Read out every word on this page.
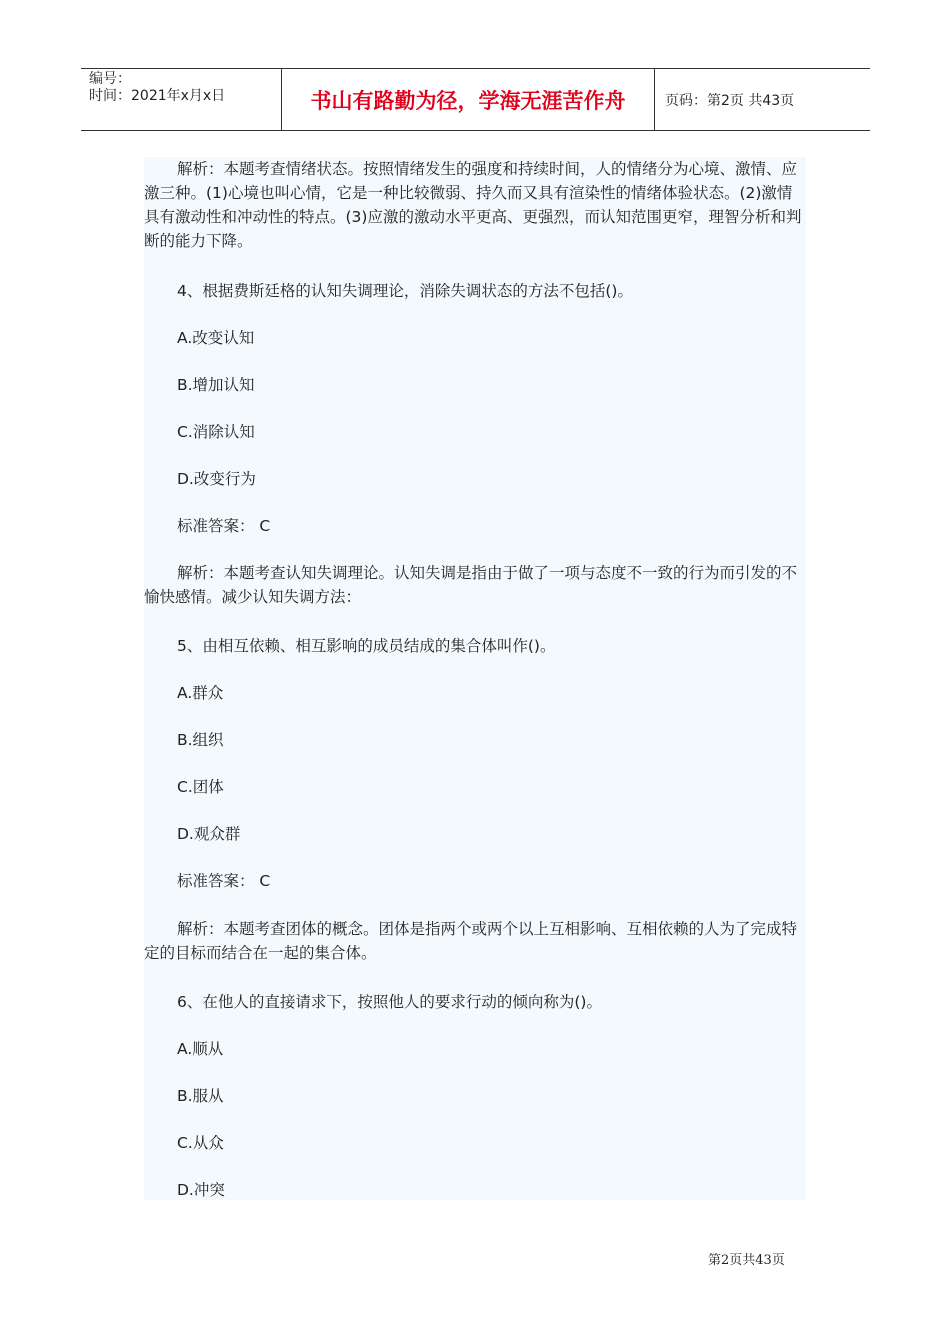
编号：
时间：2021年x月x日	书山有路勤为径，学海无涯苦作舟	页码：第2页 共43页

解析：本题考查情绪状态。按照情绪发生的强度和持续时间，人的情绪分为心境、激情、应激三种。(1)心境也叫心情，它是一种比较微弱、持久而又具有渲染性的情绪体验状态。(2)激情具有激动性和冲动性的特点。(3)应激的激动水平更高、更强烈，而认知范围更窄，理智分析和判断的能力下降。

4、根据费斯廷格的认知失调理论，消除失调状态的方法不包括()。

A.改变认知

B.增加认知

C.消除认知

D.改变行为

标准答案： C

解析：本题考查认知失调理论。认知失调是指由于做了一项与态度不一致的行为而引发的不愉快感情。减少认知失调方法：

5、由相互依赖、相互影响的成员结成的集合体叫作()。

A.群众

B.组织

C.团体

D.观众群

标准答案： C

解析：本题考查团体的概念。团体是指两个或两个以上互相影响、互相依赖的人为了完成特定的目标而结合在一起的集合体。

6、在他人的直接请求下，按照他人的要求行动的倾向称为()。

A.顺从

B.服从

C.从众

D.冲突

第2页共43页
